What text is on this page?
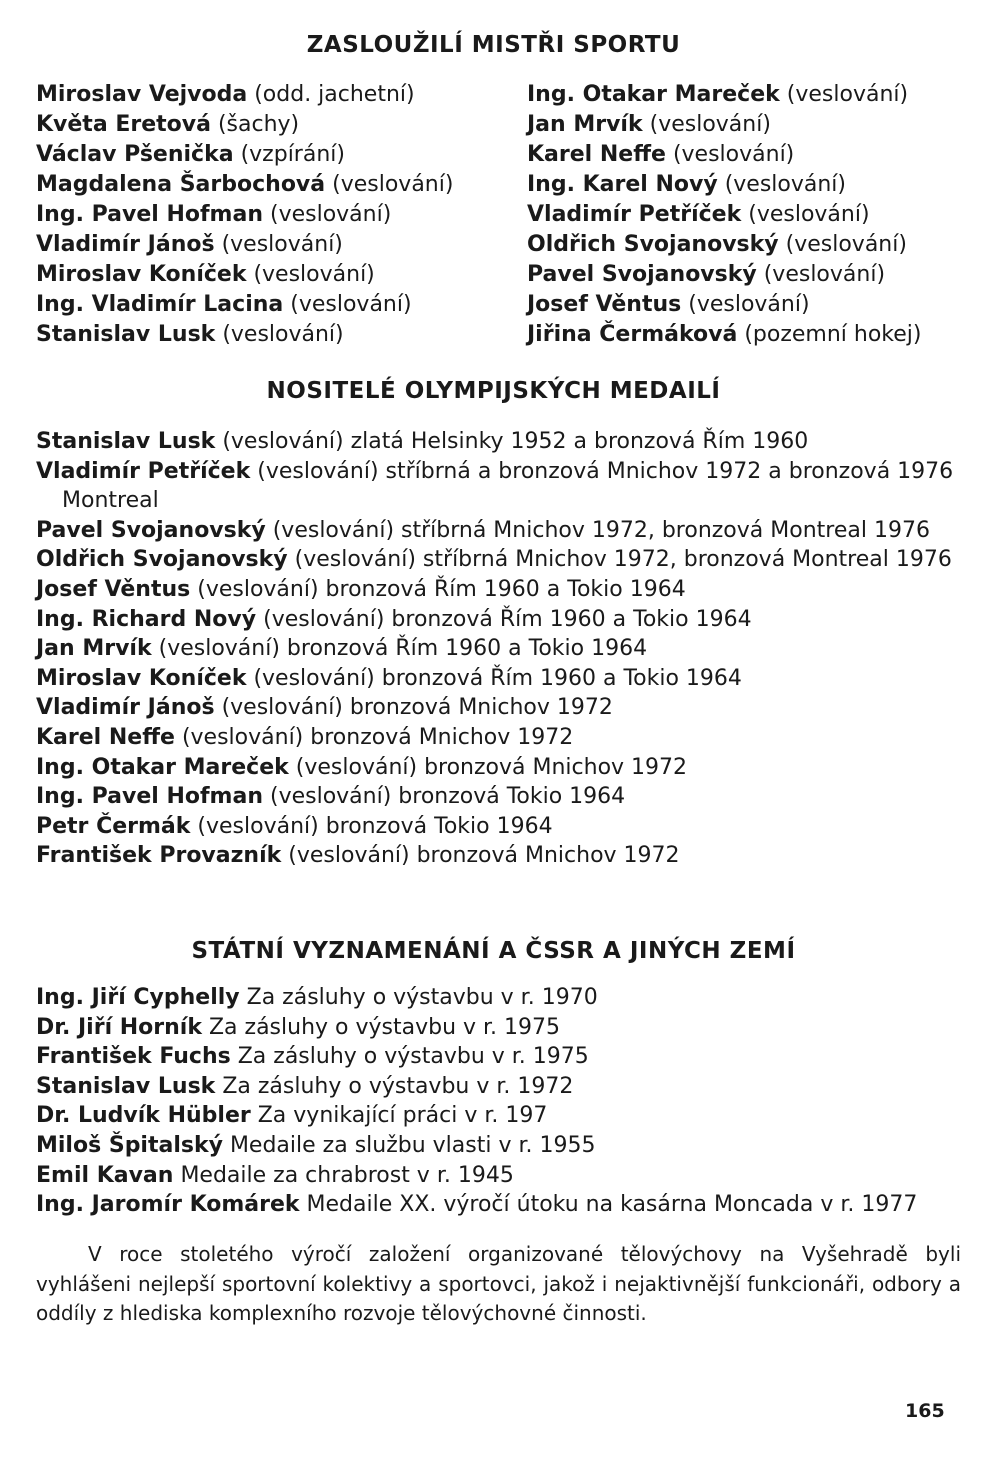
ZASLOUŽILÍ MISTŘI SPORTU
Miroslav Vejvoda (odd. jachetní)
Květa Eretová (šachy)
Václav Pšenička (vzpírání)
Magdalena Šarbochová (veslování)
Ing. Pavel Hofman (veslování)
Vladimír Jánoš (veslování)
Miroslav Koníček (veslování)
Ing. Vladimír Lacina (veslování)
Stanislav Lusk (veslování)
Ing. Otakar Mareček (veslování)
Jan Mrvík (veslování)
Karel Neffe (veslování)
Ing. Karel Nový (veslování)
Vladimír Petříček (veslování)
Oldřich Svojanovský (veslování)
Pavel Svojanovský (veslování)
Josef Věntus (veslování)
Jiřina Čermáková (pozemní hokej)
NOSITELÉ OLYMPIJSKÝCH MEDAILÍ
Stanislav Lusk (veslování) zlatá Helsinky 1952 a bronzová Řím 1960
Vladimír Petříček (veslování) stříbrná a bronzová Mnichov 1972 a bronzová 1976 Montreal
Pavel Svojanovský (veslování) stříbrná Mnichov 1972, bronzová Montreal 1976
Oldřich Svojanovský (veslování) stříbrná Mnichov 1972, bronzová Montreal 1976
Josef Věntus (veslování) bronzová Řím 1960 a Tokio 1964
Ing. Richard Nový (veslování) bronzová Řím 1960 a Tokio 1964
Jan Mrvík (veslování) bronzová Řím 1960 a Tokio 1964
Miroslav Koníček (veslování) bronzová Řím 1960 a Tokio 1964
Vladimír Jánoš (veslování) bronzová Mnichov 1972
Karel Neffe (veslování) bronzová Mnichov 1972
Ing. Otakar Mareček (veslování) bronzová Mnichov 1972
Ing. Pavel Hofman (veslování) bronzová Tokio 1964
Petr Čermák (veslování) bronzová Tokio 1964
František Provazník (veslování) bronzová Mnichov 1972
STÁTNÍ VYZNAMENÁNÍ A ČSSR A JINÝCH ZEMÍ
Ing. Jiří Cyphelly Za zásluhy o výstavbu v r. 1970
Dr. Jiří Horník Za zásluhy o výstavbu v r. 1975
František Fuchs Za zásluhy o výstavbu v r. 1975
Stanislav Lusk Za zásluhy o výstavbu v r. 1972
Dr. Ludvík Hübler Za vynikající práci v r. 197
Miloš Špitalský Medaile za službu vlasti v r. 1955
Emil Kavan Medaile za chrabrost v r. 1945
Ing. Jaromír Komárek Medaile XX. výročí útoku na kasárna Moncada v r. 1977
V roce stoletého výročí založení organizované tělovýchovy na Vyšehradě byli vyhlášeni nejlepší sportovní kolektivy a sportovci, jakož i nejaktivnější funkcionáři, odbory a oddíly z hlediska komplexního rozvoje tělovýchovné činnosti.
165
